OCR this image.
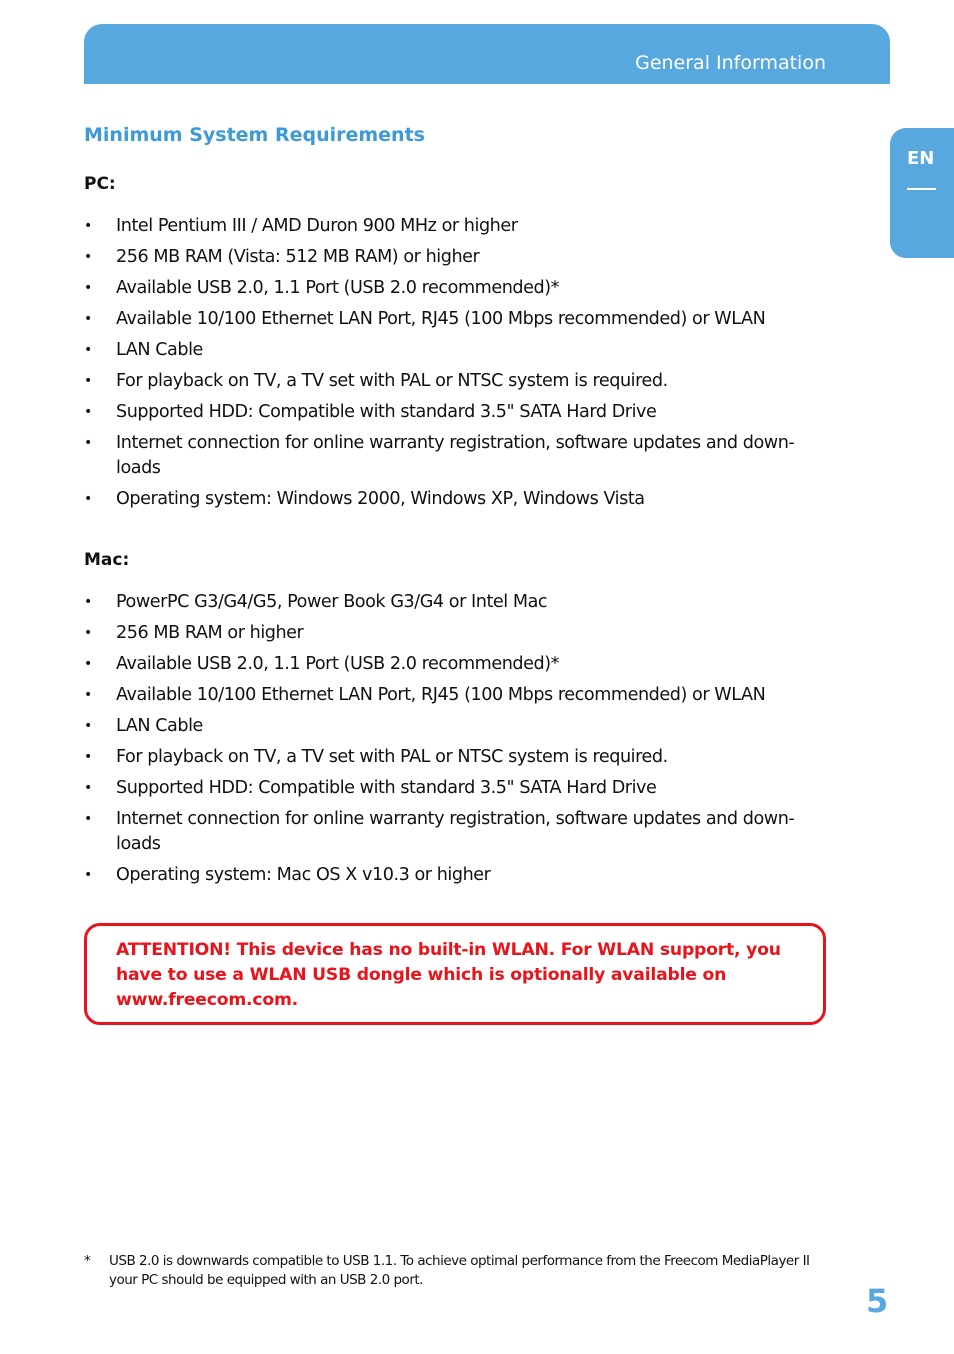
General Information
EN
Minimum System Requirements
PC:
• Intel Pentium III / AMD Duron 900 MHz or higher
• 256 MB RAM (Vista: 512 MB RAM) or higher
• Available USB 2.0, 1.1 Port (USB 2.0 recommended)*
• Available 10/100 Ethernet LAN Port, RJ45 (100 Mbps recommended) or WLAN
• LAN Cable
• For playback on TV, a TV set with PAL or NTSC system is required.
• Supported HDD: Compatible with standard 3.5" SATA Hard Drive
• Internet connection for online warranty registration, software updates and down-loads
• Operating system: Windows 2000, Windows XP, Windows Vista
Mac:
• PowerPC G3/G4/G5, Power Book G3/G4 or Intel Mac
• 256 MB RAM or higher
• Available USB 2.0, 1.1 Port (USB 2.0 recommended)*
• Available 10/100 Ethernet LAN Port, RJ45 (100 Mbps recommended) or WLAN
• LAN Cable
• For playback on TV, a TV set with PAL or NTSC system is required.
• Supported HDD: Compatible with standard 3.5" SATA Hard Drive
• Internet connection for online warranty registration, software updates and down-loads
• Operating system: Mac OS X v10.3 or higher
ATTENTION! This device has no built-in WLAN. For WLAN support, you have to use a WLAN USB dongle which is optionally available on www.freecom.com.
*	USB 2.0 is downwards compatible to USB 1.1. To achieve optimal performance from the Freecom MediaPlayer II your PC should be equipped with an USB 2.0 port.
5
